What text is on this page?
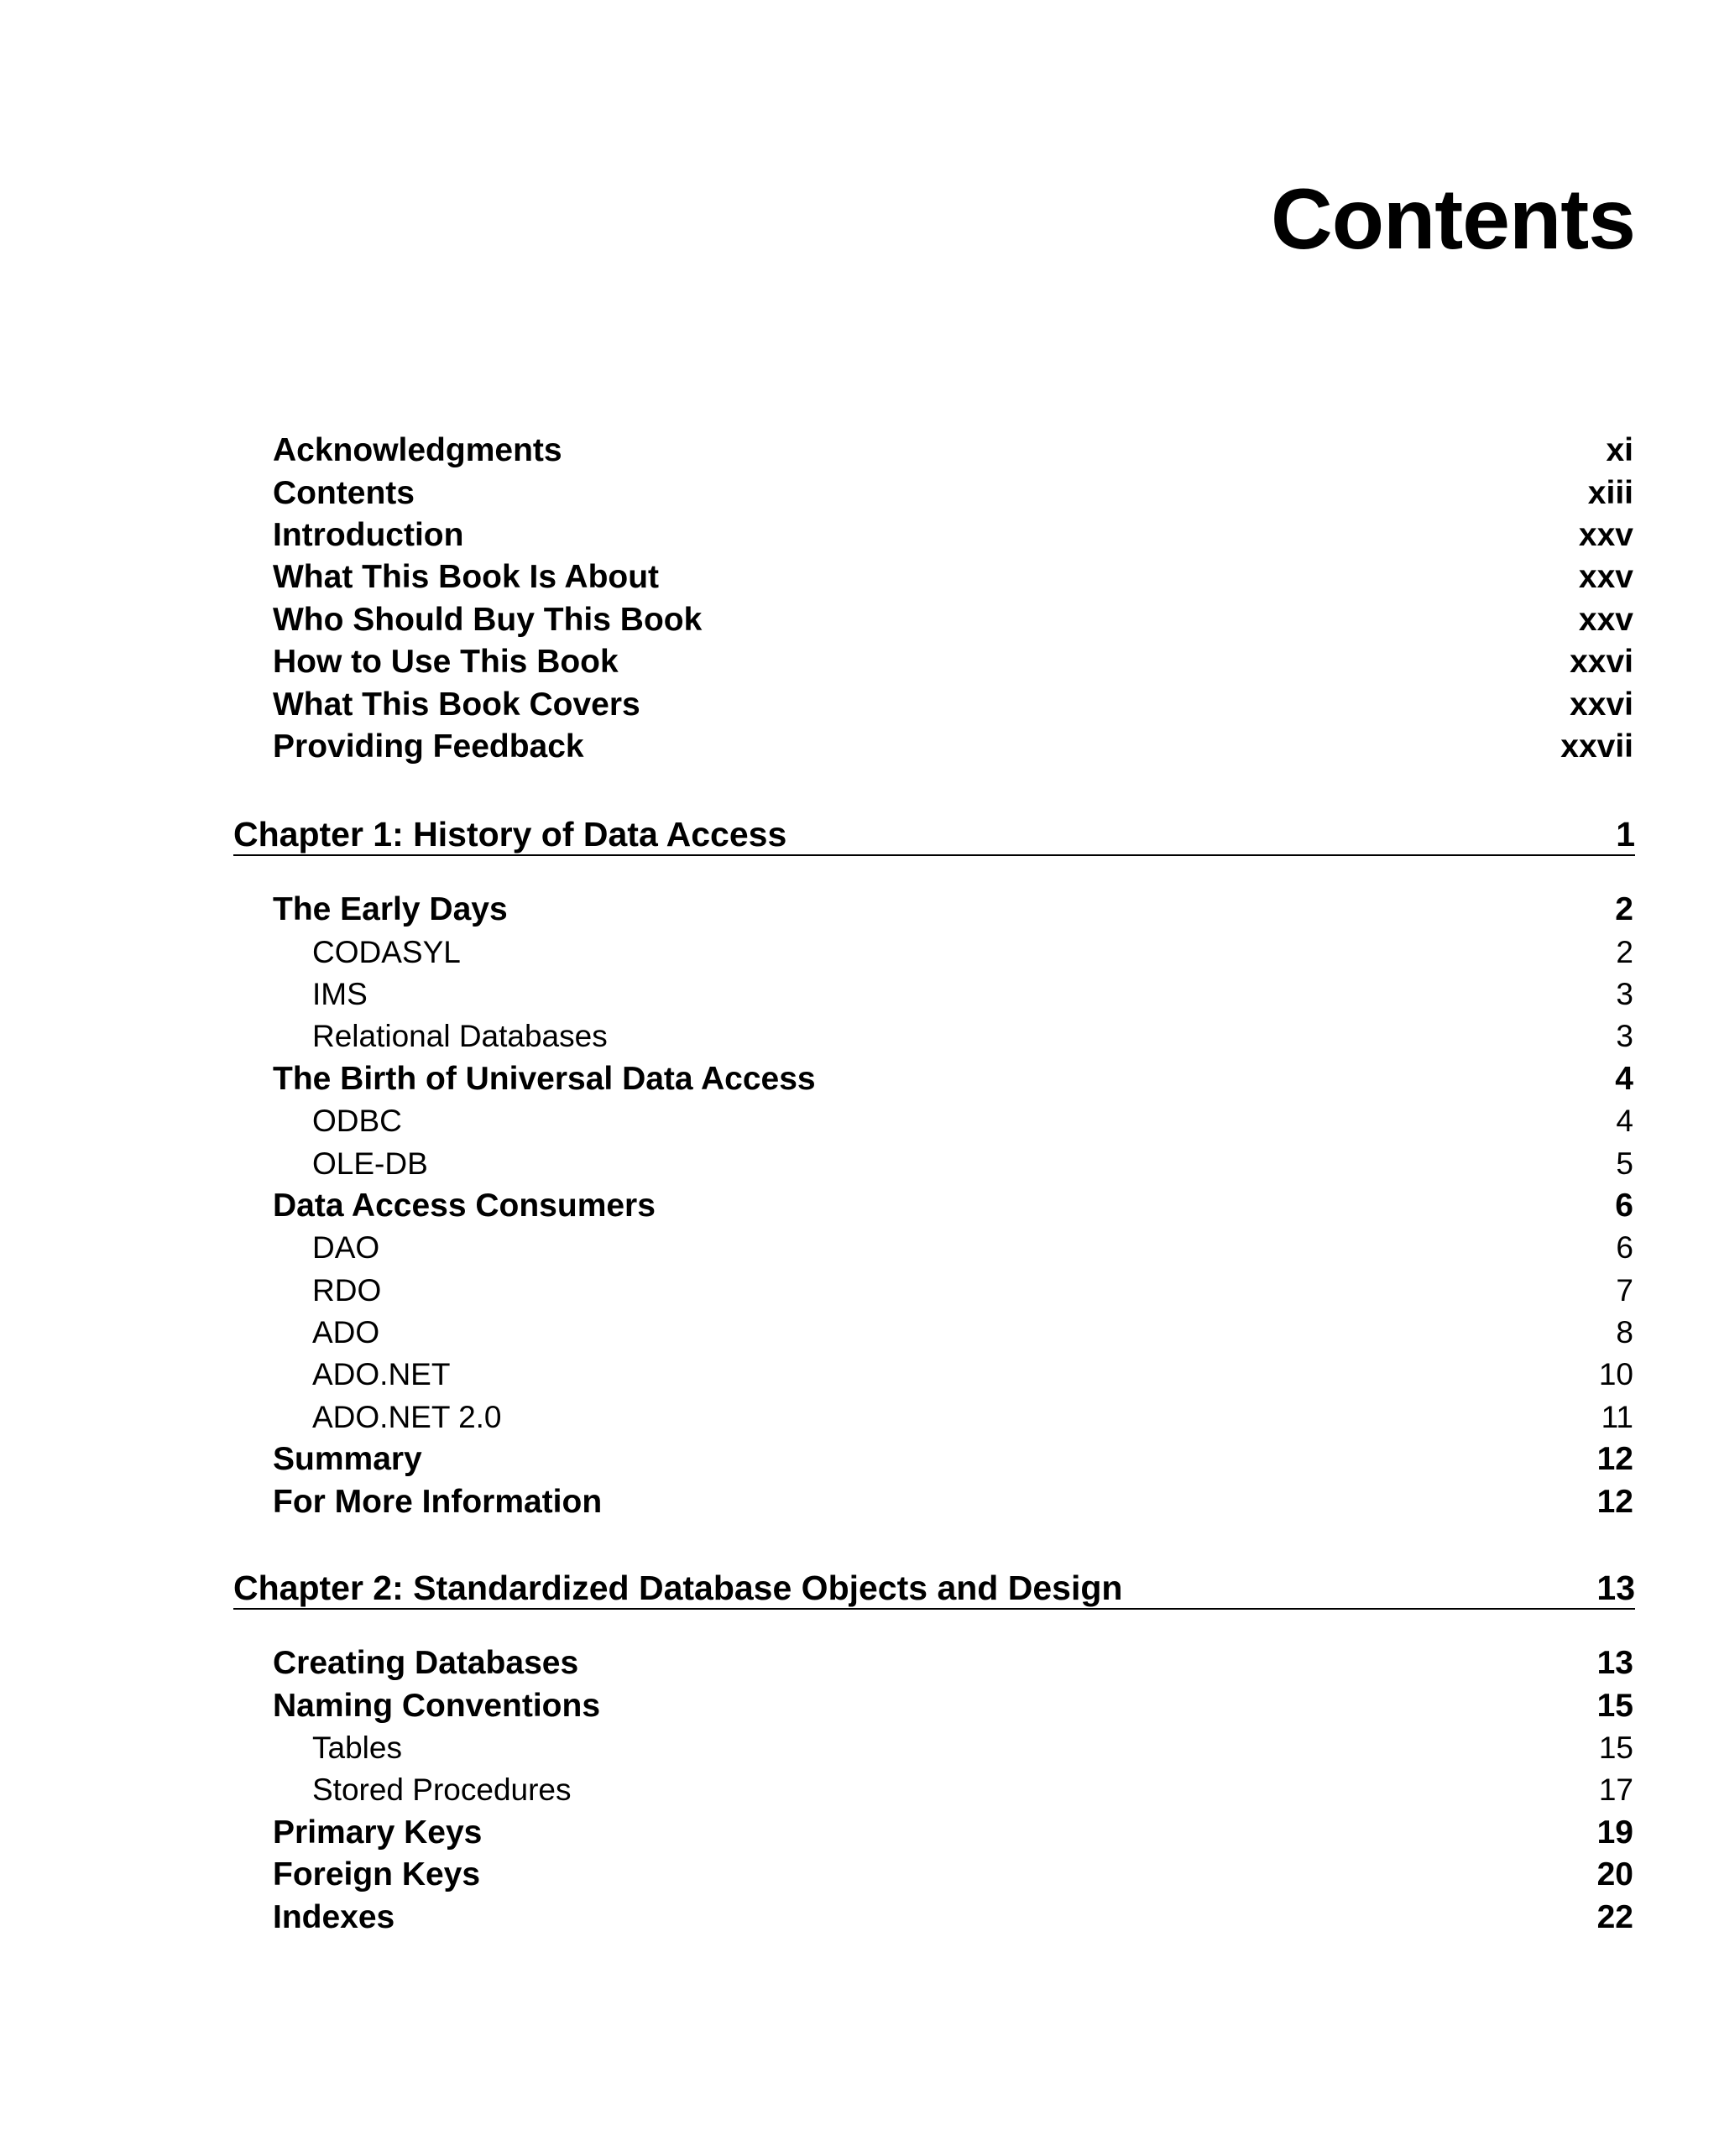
Contents
Acknowledgments	xi
Contents	xiii
Introduction	xxv
What This Book Is About	xxv
Who Should Buy This Book	xxv
How to Use This Book	xxvi
What This Book Covers	xxvi
Providing Feedback	xxvii
Chapter 1: History of Data Access	1
The Early Days	2
CODASYL	2
IMS	3
Relational Databases	3
The Birth of Universal Data Access	4
ODBC	4
OLE-DB	5
Data Access Consumers	6
DAO	6
RDO	7
ADO	8
ADO.NET	10
ADO.NET 2.0	11
Summary	12
For More Information	12
Chapter 2: Standardized Database Objects and Design	13
Creating Databases	13
Naming Conventions	15
Tables	15
Stored Procedures	17
Primary Keys	19
Foreign Keys	20
Indexes	22
